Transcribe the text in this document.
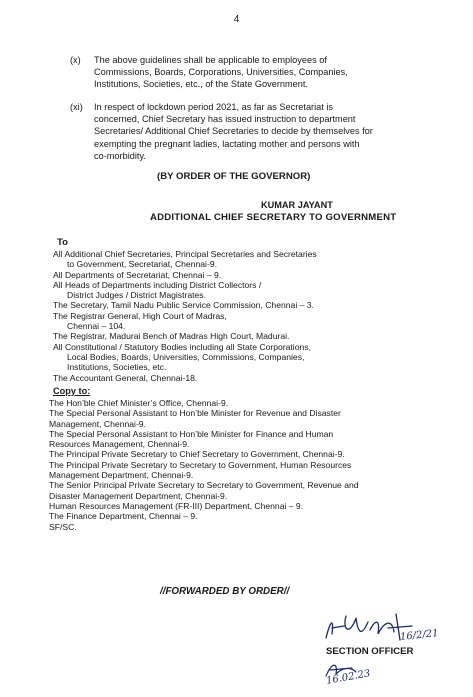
4
(x) The above guidelines shall be applicable to employees of
Commissions, Boards, Corporations, Universities, Companies,
Institutions, Societies, etc., of the State Government.
(xi) In respect of lockdown period 2021, as far as Secretariat is
concerned, Chief Secretary has issued instruction to department
Secretaries/ Additional Chief Secretaries to decide by themselves for
exempting the pregnant ladies, lactating mother and persons with
co-morbidity.
(BY ORDER OF THE GOVERNOR)
KUMAR JAYANT
ADDITIONAL CHIEF SECRETARY TO GOVERNMENT
To
All Additional Chief Secretaries, Principal Secretaries and Secretaries
to Government, Secretariat, Chennai-9.
All Departments of Secretariat, Chennai – 9.
All Heads of Departments including District Collectors /
District Judges / District Magistrates.
The Secretary, Tamil Nadu Public Service Commission, Chennai – 3.
The Registrar General, High Court of Madras,
Chennai – 104.
The Registrar, Madurai Bench of Madras High Court, Madurai.
All Constitutional / Statutory Bodies including all State Corporations,
Local Bodies, Boards, Universities, Commissions, Companies,
Institutions, Societies, etc.
The Accountant General, Chennai-18.
Copy to:
The Hon’ble Chief Minister’s Office, Chennai-9.
The Special Personal Assistant to Hon’ble Minister for Revenue and Disaster
Management, Chennai-9.
The Special Personal Assistant to Hon’ble Minister for Finance and Human
Resources Management, Chennai-9.
The Principal Private Secretary to Chief Secretary to Government, Chennai-9.
The Principal Private Secretary to Secretary to Government, Human Resources
Management Department, Chennai-9.
The Senior Principal Private Secretary to Secretary to Government, Revenue and
Disaster Management Department, Chennai-9.
Human Resources Management (FR-III) Department, Chennai – 9.
The Finance Department, Chennai – 9.
SF/SC.
//FORWARDED BY ORDER//
16/2/21
SECTION OFFICER
16.02.23
